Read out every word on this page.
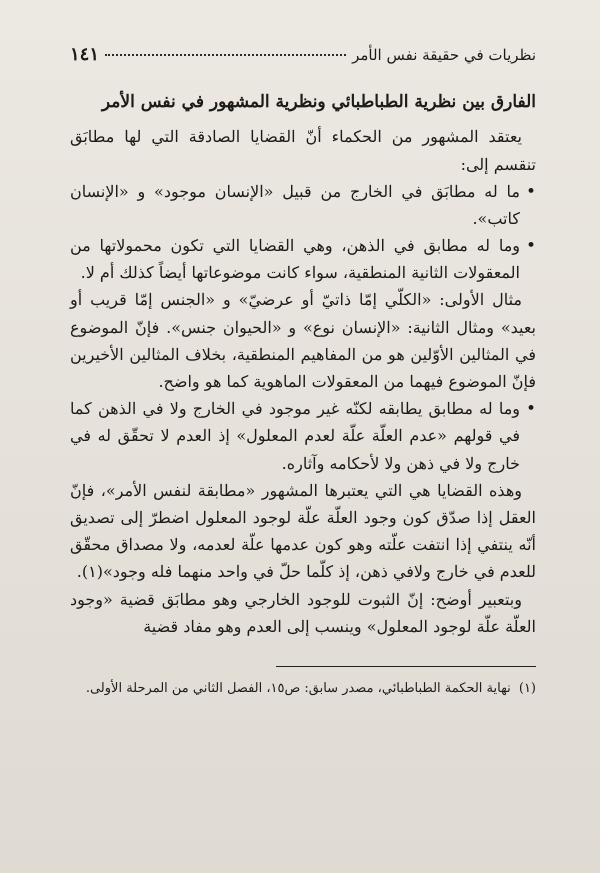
نظريات في حقيقة نفس الأمر
١٤١
الفارق بين نظرية الطباطبائي ونظرية المشهور في نفس الأمر

يعتقد المشهور من الحكماء أنّ القضايا الصادقة التي لها مطابَق تنقسم إلى:

• ما له مطابَق في الخارج من قبيل «الإنسان موجود» و «الإنسان كاتب».
• وما له مطابق في الذهن، وهي القضايا التي تكون محمولاتها من المعقولات الثانية المنطقية، سواء كانت موضوعاتها أيضاً كذلك أم لا.

مثال الأولى: «الكلّي إمّا ذاتيّ أو عرضيّ» و «الجنس إمّا قريب أو بعيد» ومثال الثانية: «الإنسان نوع» و «الحيوان جنس». فإنّ الموضوع في المثالين الأوّلين هو من المفاهيم المنطقية، بخلاف المثالين الأخيرين فإنّ الموضوع فيهما من المعقولات الماهوية كما هو واضح.

• وما له مطابق يطابقه لكنّه غير موجود في الخارج ولا في الذهن كما في قولهم «عدم العلّة علّة لعدم المعلول» إذ العدم لا تحقّق له في خارج ولا في ذهن ولا لأحكامه وآثاره.

وهذه القضايا هي التي يعتبرها المشهور «مطابقة لنفس الأمر»، فإنّ العقل إذا صدّق كون وجود العلّة علّة لوجود المعلول اضطرّ إلى تصديق أنّه ينتفي إذا انتفت علّته وهو كون عدمها علّة لعدمه، ولا مصداق محقّق للعدم في خارج ولافي ذهن، إذ كلّما حلّ في واحد منهما فله وجود»(١).

وبتعبير أوضح: إنّ الثبوت للوجود الخارجي وهو مطابَق قضية «وجود العلّة علّة لوجود المعلول» وينسب إلى العدم وهو مفاد قضية

(١) نهاية الحكمة الطباطبائي، مصدر سابق: ص١٥، الفصل الثاني من المرحلة الأولى.
